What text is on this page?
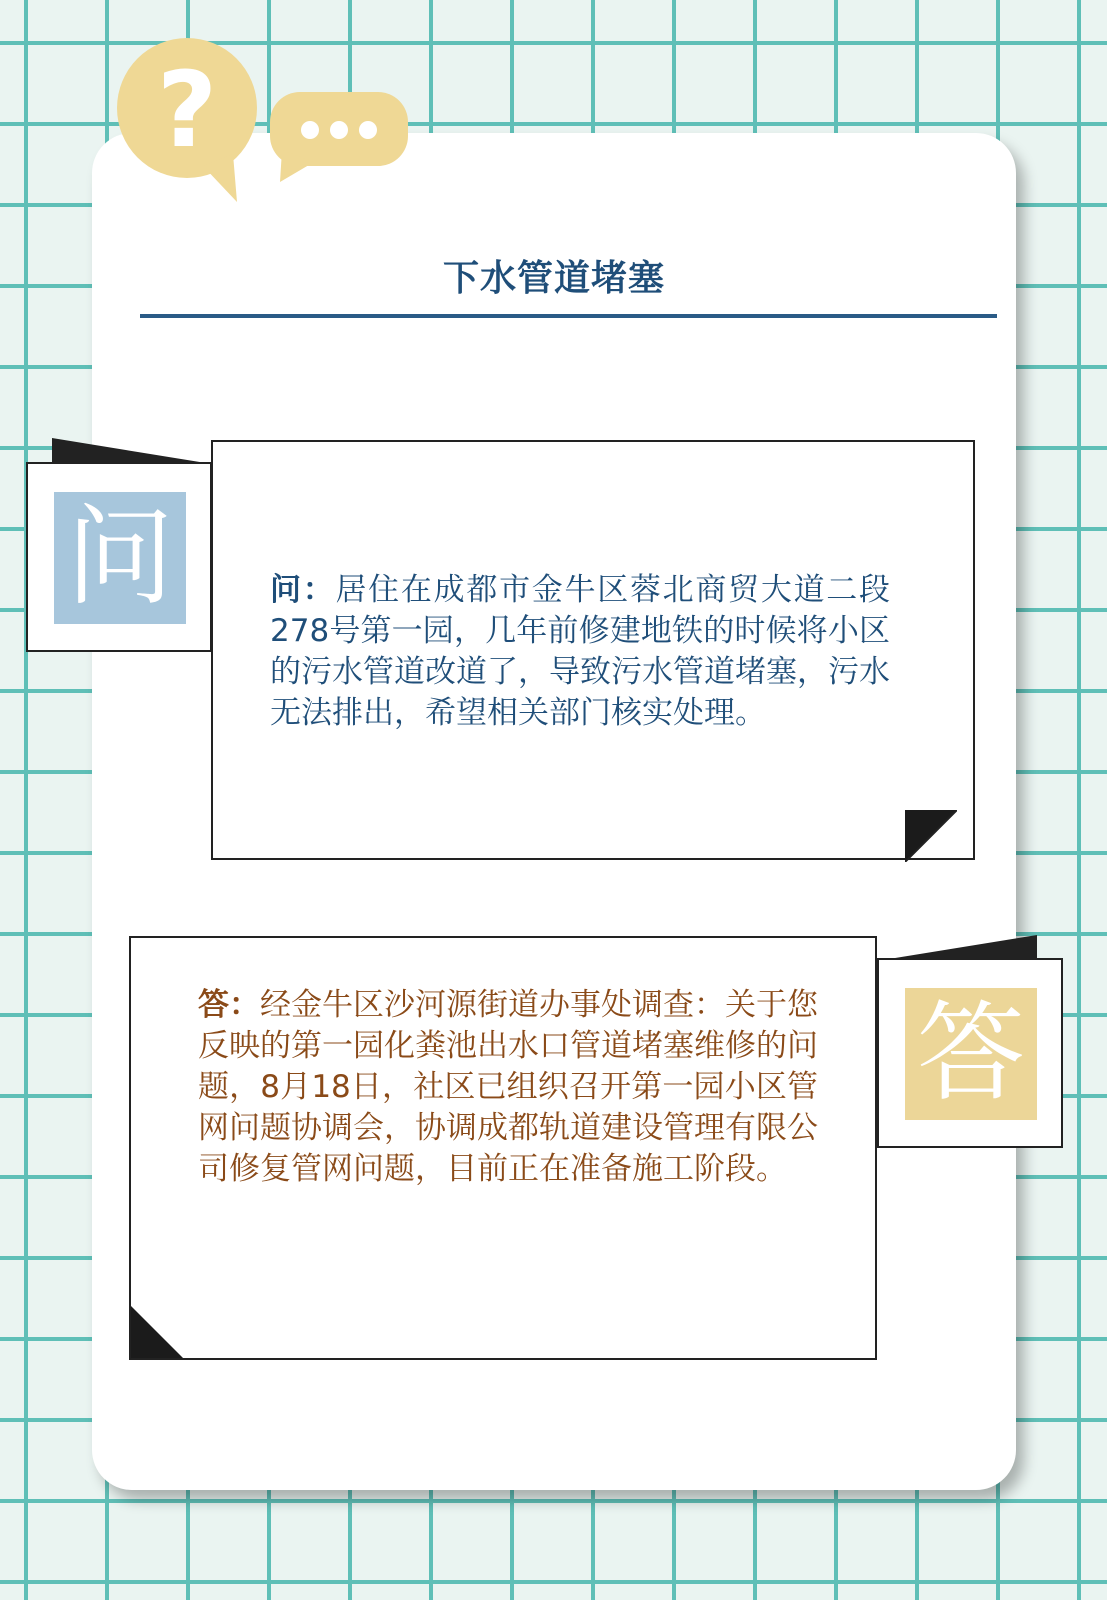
?
下水管道堵塞
问	问：居住在成都市金牛区蓉北商贸大道二段278号第一园，几年前修建地铁的时候将小区的污水管道改道了，导致污水管道堵塞，污水无法排出，希望相关部门核实处理。
答
答：经金牛区沙河源街道办事处调查：关于您反映的第一园化粪池出水口管道堵塞维修的问题，8月18日，社区已组织召开第一园小区管网问题协调会，协调成都轨道建设管理有限公司修复管网问题，目前正在准备施工阶段。
